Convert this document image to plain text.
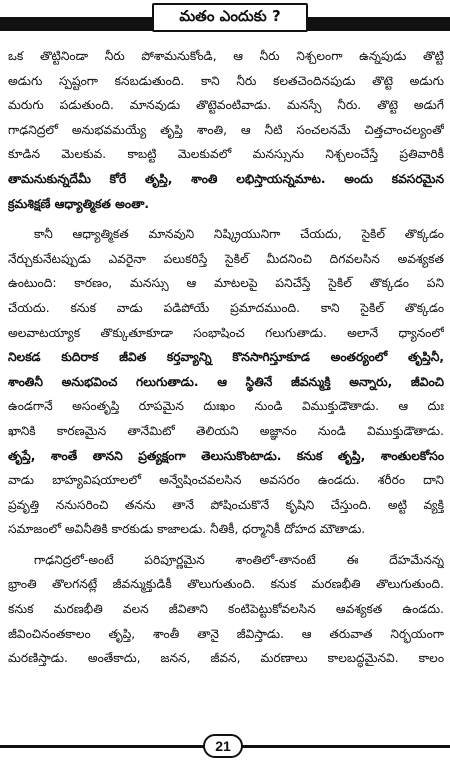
మతం ఎందుకు ?
ఒక తొట్టినిండా నీరు పోశామనుకోండి, ఆ నీరు నిశ్చలంగా ఉన్నపుడు తొట్టి
అడుగు స్పష్టంగా కనబడుతుంది. కాని నీరు కలతచెందినపుడు తొట్టె అడుగు
మరుగు పడుతుంది. మానవుడు తొట్టెవంటివాడు. మనస్సే నీరు. తొట్టె అడుగే
గాఢనిద్రలో అనుభవమయ్యే తృప్తి శాంతి, ఆ నీటి సంచలనమే చిత్తచాంచల్యంతో
కూడిన మెలకువ. కాబట్టి మెలకువలో మనస్సును నిశ్చలంచేస్తే ప్రతివారికీ
తామనుకున్నదేమీ కోరే తృప్తి, శాంతి లభిస్తాయన్నమాట. అందు కవసరమైన
క్రమశిక్షణే ఆధ్యాత్మికత అంతా.
కానీ ఆధ్యాత్మికత మానవుని నిష్క్రియునిగా చేయదు, సైకిల్ తొక్కడం
నేర్చుకునేటప్పుడు ఎవరైనా పలుకరిస్తే సైకిల్ మీదనించి దిగవలసిన అవశ్యకత
ఉంటుంది: కారణం, మనస్సు ఆ మాటలపై పనిచేస్తే సైకిల్ తొక్కడం పని
చేయదు. కనుక వాడు పడిపోయే ప్రమాదముంది. కాని సైకిల్ తొక్కడం
అలవాటయ్యాక తొక్కుతూకూడా సంభాషించ గలుగుతాడు. అలానే ధ్యానంలో
నిలకడ కుదిరాక జీవిత కర్తవ్యాన్ని కొనసాగిస్తూకూడ అంతర్యంలో తృప్తినీ,
శాంతినీ అనుభవించ గలుగుతాడు. ఆ స్థితినే జీవన్ముక్తి అన్నారు, జీవించి
ఉండగానే అసంతృప్తి రూపమైన దుఃఖం నుండి విముక్తుడౌతాడు. ఆ దుః
ఖానికి కారణమైన తానేమిటో తెలియని అజ్ఞానం నుండి విముక్తుడౌతాడు.
తృప్తే, శాంతే తానని ప్రత్యక్షంగా తెలుసుకొంటాడు. కనుక తృప్తి, శాంతులకోసం
వాడు బాహ్యవిషయాలలో అన్వేషించవలసిన అవసరం ఉండదు. శరీరం దాని
ప్రవృత్తి ననుసరించి తనను తానే పోషించుకొనే కృషిని చేస్తుంది. అట్టి వ్యక్తి
సమాజంలో అవినీతికి కారకుడు కాజాలడు. నీతికీ, ధర్మానికీ దోహద మౌతాడు.
గాఢనిద్రలో-అంటే పరిపూర్ణమైన శాంతిలో-తానంటే ఈ దేహమేనన్న
భ్రాంతి తొలగనట్లే జీవన్ముక్తుడికీ తొలుగుతుంది. కనుక మరణభీతి తొలుగుతుంది.
కనుక మరణభీతి వలన జీవితాని కంటిపెట్టుకోవలసిన ఆవశ్యకత ఉండదు.
జీవించినంతకాలం తృప్తి, శాంతీ తానై జీవిస్తాడు. ఆ తరువాత నిర్భయంగా
మరణిస్తాడు. అంతేకాదు, జనన, జీవన, మరణాలు కాలబద్ధమైనవి. కాలం
21
